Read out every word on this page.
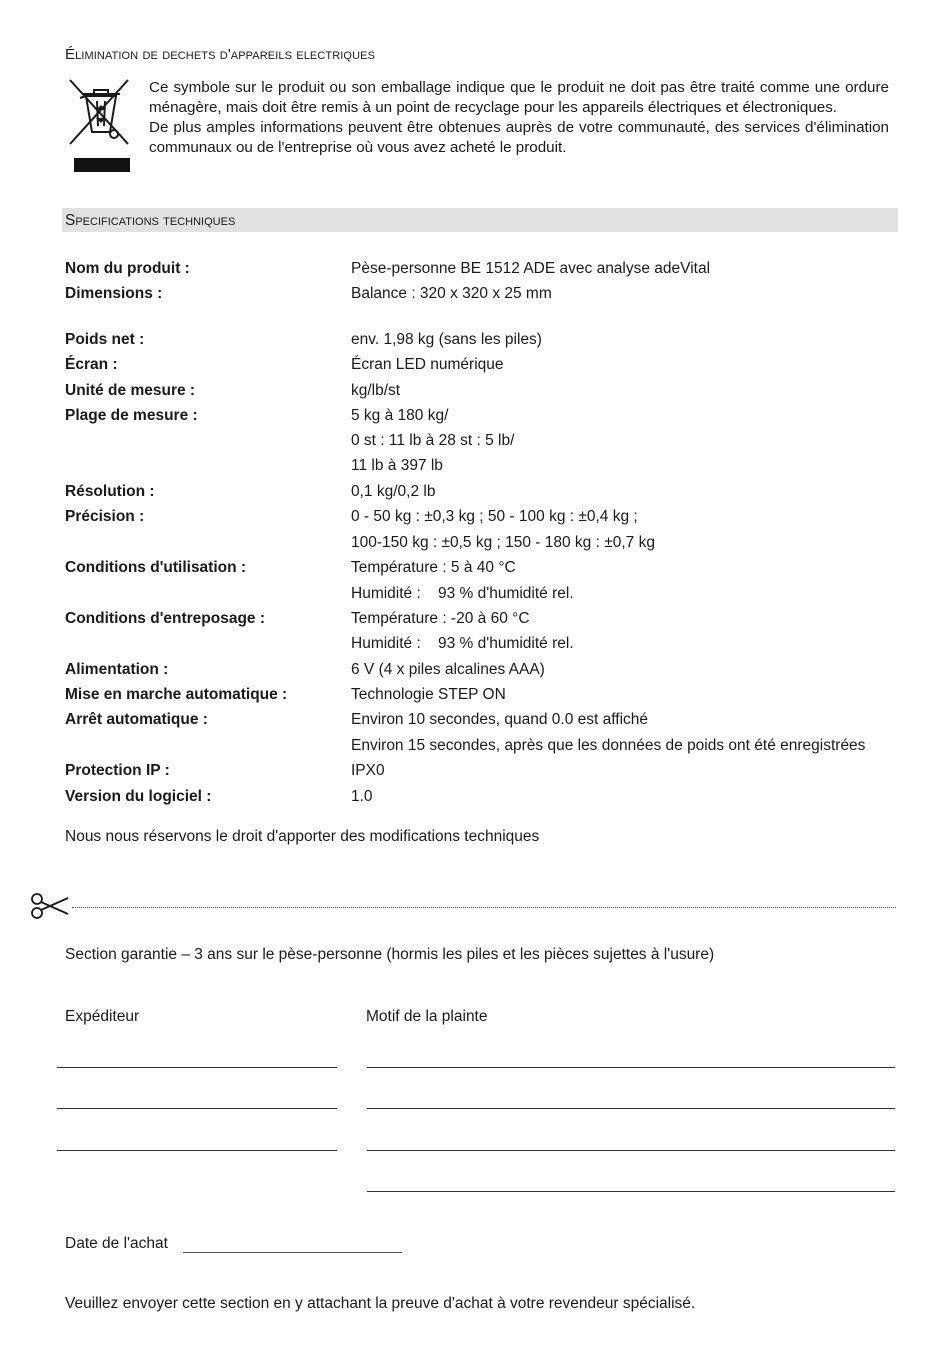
Élimination de dechets d'appareils electriques

Ce symbole sur le produit ou son emballage indique que le produit ne doit pas être traité comme une ordure ménagère, mais doit être remis à un point de recyclage pour les appareils électriques et électroniques.

De plus amples informations peuvent être obtenues auprès de votre communauté, des services d'élimination communaux ou de l'entreprise où vous avez acheté le produit.

Specifications techniques
Nom du produit :	Pèse-personne BE 1512 ADE avec analyse adeVital
Dimensions :	Balance : 320 x 320 x 25 mm
Poids net :	env. 1,98 kg (sans les piles)
Écran :	Écran LED numérique
Unité de mesure :	kg/lb/st
Plage de mesure :	5 kg à 180 kg/
0 st : 11 lb à 28 st : 5 lb/
11 lb à 397 lb
Résolution :	0,1 kg/0,2 lb
Précision :	0 - 50 kg : ±0,3 kg ; 50 - 100 kg : ±0,4 kg ;
100-150 kg : ±0,5 kg ; 150 - 180 kg : ±0,7 kg
Conditions d'utilisation :	Température : 5 à 40 °C
Humidité :    93 % d'humidité rel.
Conditions d'entreposage :	Température : -20 à 60 °C
Humidité :    93 % d'humidité rel.
Alimentation :	6 V (4 x piles alcalines AAA)
Mise en marche automatique :	Technologie STEP ON
Arrêt automatique :	Environ 10 secondes, quand 0.0 est affiché
Environ 15 secondes, après que les données de poids ont été enregistrées
Protection IP :	IPX0
Version du logiciel :	1.0
Nous nous réservons le droit d'apporter des modifications techniques
Section garantie – 3 ans sur le pèse-personne (hormis les piles et les pièces sujettes à l'usure)
Expéditeur	Motif de la plainte
Date de l'achat
Veuillez envoyer cette section en y attachant la preuve d'achat à votre revendeur spécialisé.
